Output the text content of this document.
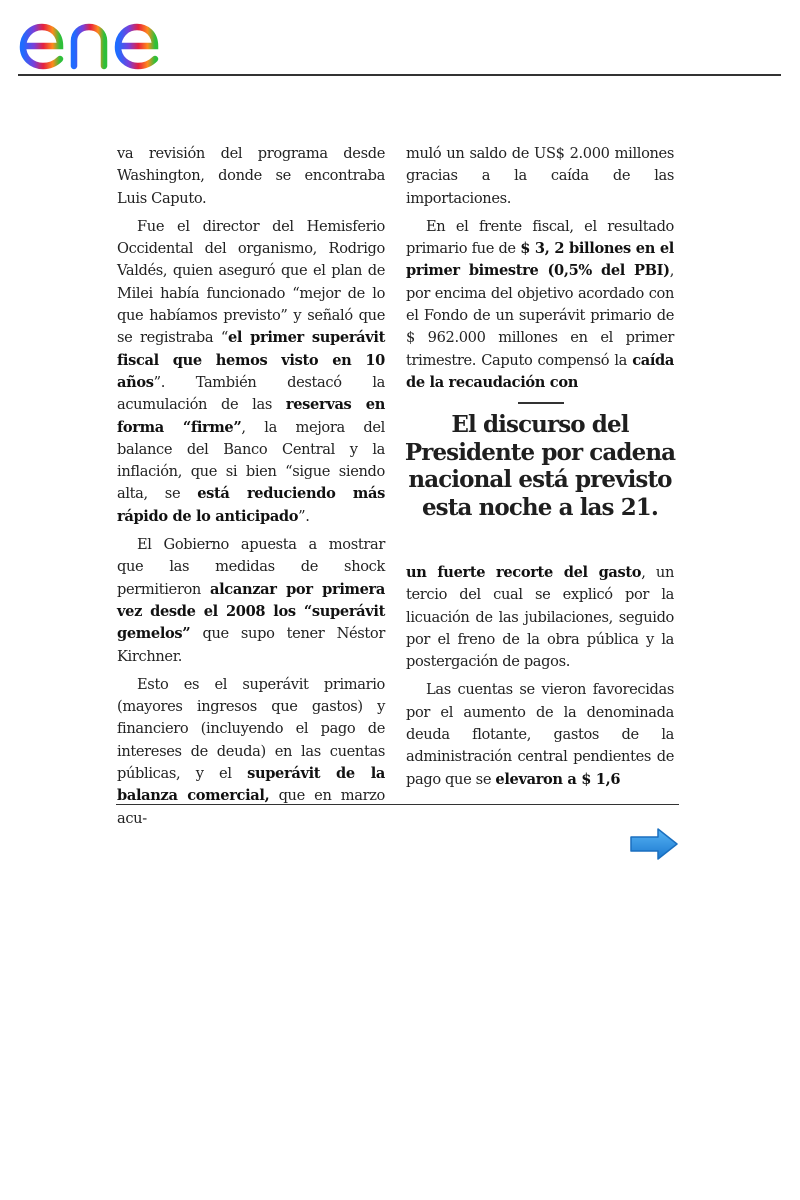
va revisión del programa desde Washington, donde se encontraba Luis Caputo.

Fue el director del Hemisferio Occidental del organismo, Rodrigo Valdés, quien aseguró que el plan de Milei había funcionado “mejor de lo que habíamos previsto” y señaló que se registraba “el primer superávit fiscal que hemos visto en 10 años”. También destacó la acumulación de las reservas en forma “firme”, la mejora del balance del Banco Central y la inflación, que si bien “sigue siendo alta, se está reduciendo más rápido de lo anticipado”.

El Gobierno apuesta a mostrar que las medidas de shock permitieron alcanzar por primera vez desde el 2008 los “superávit gemelos” que supo tener Néstor Kirchner.

Esto es el superávit primario (mayores ingresos que gastos) y financiero (incluyendo el pago de intereses de deuda) en las cuentas públicas, y el superávit de la balanza comercial, que en marzo acu-

muló un saldo de US$ 2.000 millones gracias a la caída de las importaciones.

En el frente fiscal, el resultado primario fue de $ 3, 2 billones en el primer bimestre (0,5% del PBI), por encima del objetivo acordado con el Fondo de un superávit primario de $ 962.000 millones en el primer trimestre. Caputo compensó la caída de la recaudación con

El discurso del Presidente por cadena nacional está previsto esta noche a las 21.

un fuerte recorte del gasto, un tercio del cual se explicó por la licuación de las jubilaciones, seguido por el freno de la obra pública y la postergación de pagos.

Las cuentas se vieron favorecidas por el aumento de la denominada deuda flotante, gastos de la administración central pendientes de pago que se elevaron a $ 1,6
